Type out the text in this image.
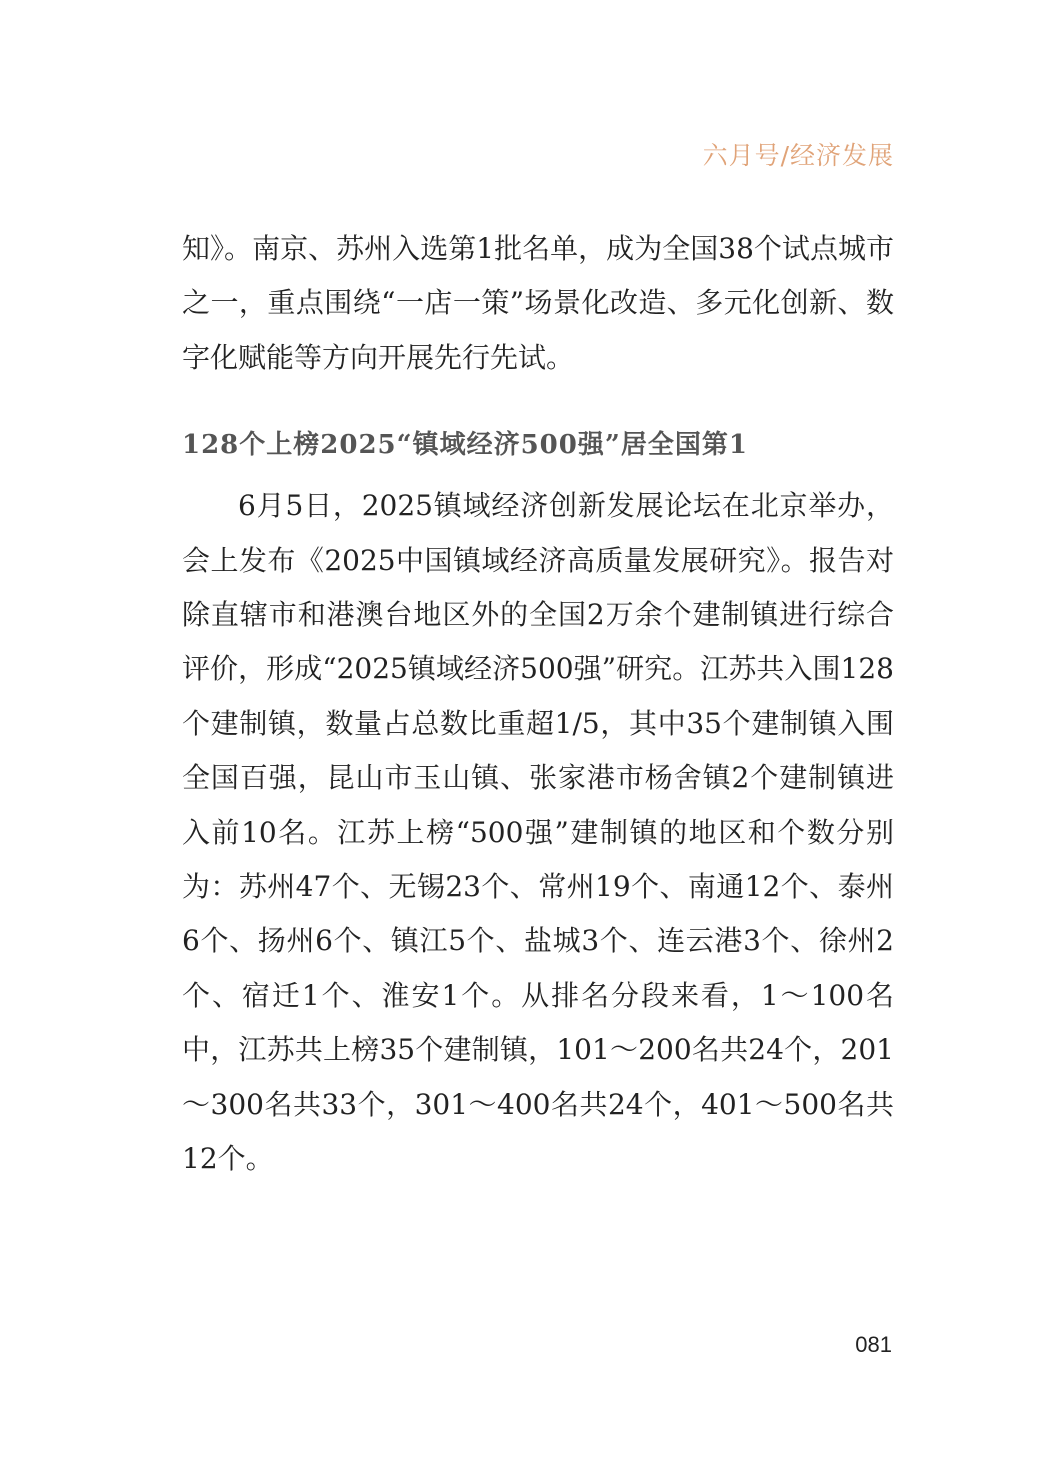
六月号/经济发展

知》。南京、苏州入选第1批名单，成为全国38个试点城市之一，重点围绕“一店一策”场景化改造、多元化创新、数字化赋能等方向开展先行先试。

128个上榜2025“镇域经济500强”居全国第1

6月5日，2025镇域经济创新发展论坛在北京举办，会上发布《2025中国镇域经济高质量发展研究》。报告对除直辖市和港澳台地区外的全国2万余个建制镇进行综合评价，形成“2025镇域经济500强”研究。江苏共入围128个建制镇，数量占总数比重超1/5，其中35个建制镇入围全国百强，昆山市玉山镇、张家港市杨舍镇2个建制镇进入前10名。江苏上榜“500强”建制镇的地区和个数分别为：苏州47个、无锡23个、常州19个、南通12个、泰州6个、扬州6个、镇江5个、盐城3个、连云港3个、徐州2个、宿迁1个、淮安1个。从排名分段来看，1～100名中，江苏共上榜35个建制镇，101～200名共24个，201～300名共33个，301～400名共24个，401～500名共12个。

081
